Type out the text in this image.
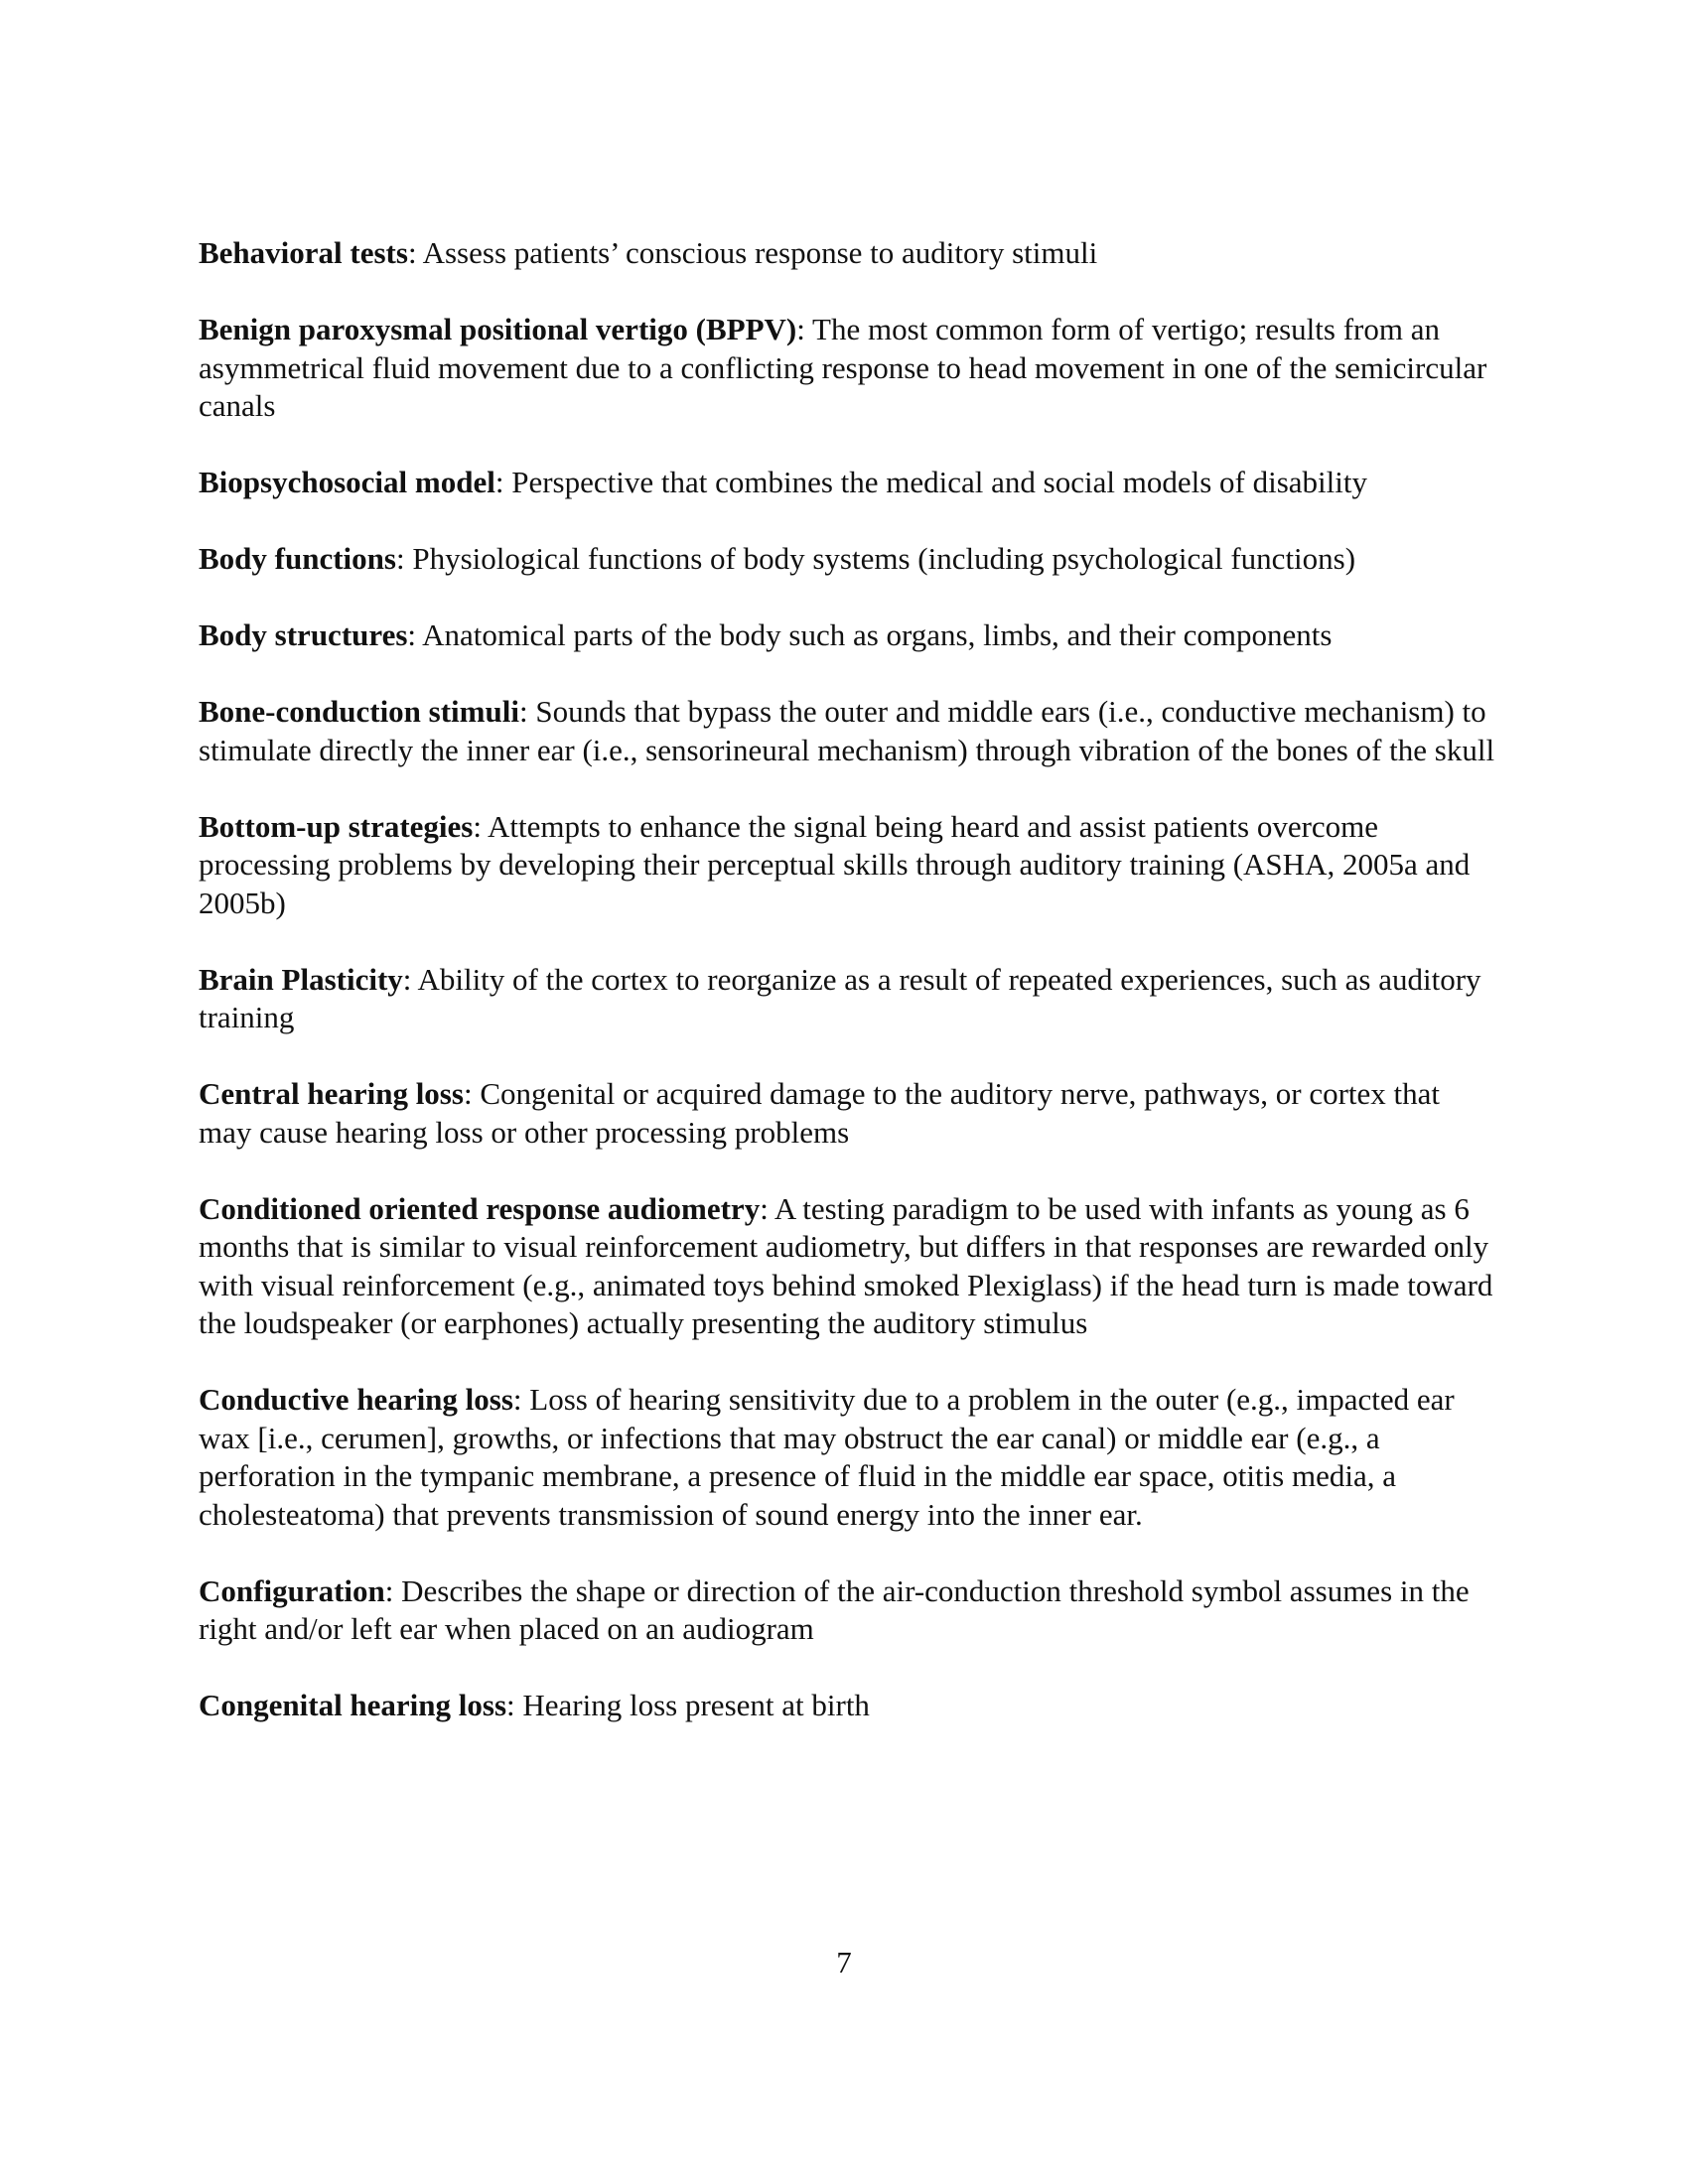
Behavioral tests: Assess patients’ conscious response to auditory stimuli
Benign paroxysmal positional vertigo (BPPV): The most common form of vertigo; results from an asymmetrical fluid movement due to a conflicting response to head movement in one of the semicircular canals
Biopsychosocial model: Perspective that combines the medical and social models of disability
Body functions: Physiological functions of body systems (including psychological functions)
Body structures: Anatomical parts of the body such as organs, limbs, and their components
Bone-conduction stimuli: Sounds that bypass the outer and middle ears (i.e., conductive mechanism) to stimulate directly the inner ear (i.e., sensorineural mechanism) through vibration of the bones of the skull
Bottom-up strategies: Attempts to enhance the signal being heard and assist patients overcome processing problems by developing their perceptual skills through auditory training (ASHA, 2005a and 2005b)
Brain Plasticity: Ability of the cortex to reorganize as a result of repeated experiences, such as auditory training
Central hearing loss: Congenital or acquired damage to the auditory nerve, pathways, or cortex that may cause hearing loss or other processing problems
Conditioned oriented response audiometry: A testing paradigm to be used with infants as young as 6 months that is similar to visual reinforcement audiometry, but differs in that responses are rewarded only with visual reinforcement (e.g., animated toys behind smoked Plexiglass) if the head turn is made toward the loudspeaker (or earphones) actually presenting the auditory stimulus
Conductive hearing loss: Loss of hearing sensitivity due to a problem in the outer (e.g., impacted ear wax [i.e., cerumen], growths, or infections that may obstruct the ear canal) or middle ear (e.g., a perforation in the tympanic membrane, a presence of fluid in the middle ear space, otitis media, a cholesteatoma) that prevents transmission of sound energy into the inner ear.
Configuration: Describes the shape or direction of the air-conduction threshold symbol assumes in the right and/or left ear when placed on an audiogram
Congenital hearing loss: Hearing loss present at birth
7
